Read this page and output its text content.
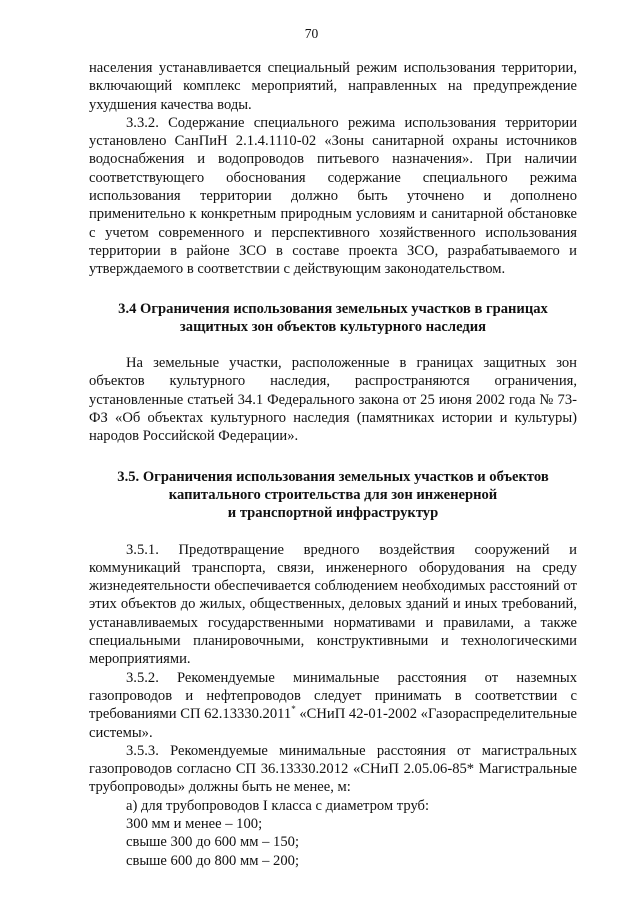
70

населения устанавливается специальный режим использования территории, включающий комплекс мероприятий, направленных на предупреждение ухудшения качества воды.

3.3.2. Содержание специального режима использования территории установлено СанПиН 2.1.4.1110-02 «Зоны санитарной охраны источников водоснабжения и водопроводов питьевого назначения». При наличии соответствующего обоснования содержание специального режима использования территории должно быть уточнено и дополнено применительно к конкретным природным условиям и санитарной обстановке с учетом современного и перспективного хозяйственного использования территории в районе ЗСО в составе проекта ЗСО, разрабатываемого и утверждаемого в соответствии с действующим законодательством.

3.4 Ограничения использования земельных участков в границах
защитных зон объектов культурного наследия

На земельные участки, расположенные в границах защитных зон объектов культурного наследия, распространяются ограничения, установленные статьей 34.1 Федерального закона от 25 июня 2002 года № 73-ФЗ «Об объектах культурного наследия (памятниках истории и культуры) народов Российской Федерации».

3.5. Ограничения использования земельных участков и объектов
капитального строительства для зон инженерной
и транспортной инфраструктур

3.5.1. Предотвращение вредного воздействия сооружений и коммуникаций транспорта, связи, инженерного оборудования на среду жизнедеятельности обеспечивается соблюдением необходимых расстояний от этих объектов до жилых, общественных, деловых зданий и иных требований, устанавливаемых государственными нормативами и правилами, а также специальными планировочными, конструктивными и технологическими мероприятиями.

3.5.2. Рекомендуемые минимальные расстояния от наземных газопроводов и нефтепроводов следует принимать в соответствии с требованиями СП 62.13330.2011* «СНиП 42-01-2002 «Газораспределительные системы».

3.5.3. Рекомендуемые минимальные расстояния от магистральных газопроводов согласно СП 36.13330.2012 «СНиП 2.05.06-85* Магистральные трубопроводы» должны быть не менее, м:

а) для трубопроводов I класса с диаметром труб:

300 мм и менее – 100;

свыше 300 до 600 мм – 150;

свыше 600 до 800 мм – 200;
